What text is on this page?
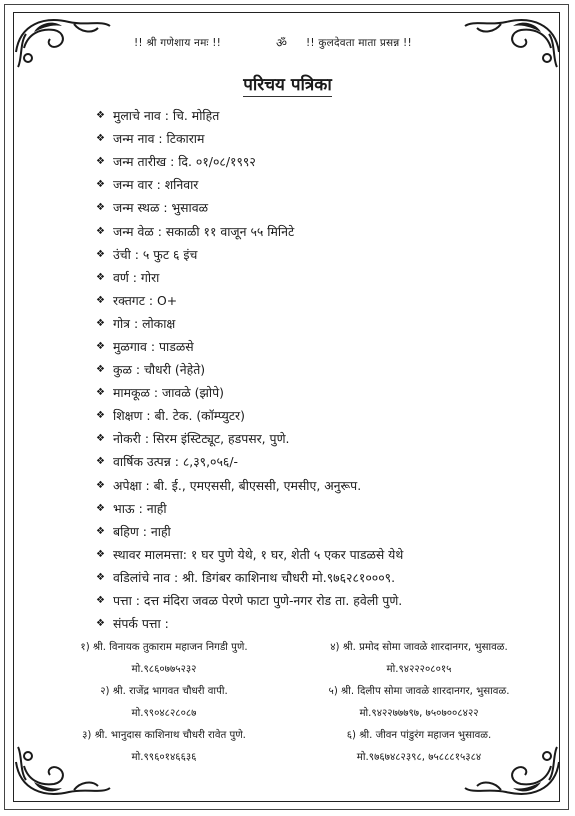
!! श्री गणेशाय नमः !!	ॐ !! कुलदेवता माता प्रसन्न !!
परिचय पत्रिका
❖ मुलाचे नाव : चि. मोहित
❖ जन्म नाव : टिकाराम
❖ जन्म तारीख : दि. ०१/०८/१९९२
❖ जन्म वार : शनिवार
❖ जन्म स्थळ : भुसावळ
❖ जन्म वेळ : सकाळी ११ वाजून ५५ मिनिटे
❖ उंची : ५ फुट ६ इंच
❖ वर्ण : गोरा
❖ रक्तगट : O+
❖ गोत्र : लोकाक्ष
❖ मुळगाव : पाडळसे
❖ कुळ : चौधरी (नेहेते)
❖ मामकूळ : जावळे (झोपे)
❖ शिक्षण : बी. टेक. (कॉम्प्युटर)
❖ नोकरी : सिरम इंस्टिट्यूट, हडपसर, पुणे.
❖ वार्षिक उत्पन्न : ८,३९,०५६/-
❖ अपेक्षा : बी. ई., एमएससी, बीएससी, एमसीए, अनुरूप.
❖ भाऊ : नाही
❖ बहिण : नाही
❖ स्थावर मालमत्ता: १ घर पुणे येथे, १ घर, शेती ५ एकर पाडळसे येथे
❖ वडिलांचे नाव : श्री. डिगंबर काशिनाथ चौधरी मो.९७६२८१०००९.
❖ पत्ता : दत्त मंदिरा जवळ पेरणे फाटा पुणे-नगर रोड ता. हवेली पुणे.
❖ संपर्क पत्ता :
१) श्री. विनायक तुकाराम महाजन निगडी पुणे.	४) श्री. प्रमोद सोमा जावळे शारदानगर, भुसावळ.
मो.९८६०७७५२३२	मो.९४२२२०८०१५
२) श्री. राजेंद्र भागवत चौधरी वापी.	५) श्री. दिलीप सोमा जावळे शारदानगर, भुसावळ.
मो.९९०४८२८०८७	मो.९४२२७७७९७, ७५०७००८४२२
३) श्री. भानुदास काशिनाथ चौधरी रावेत पुणे.	६) श्री. जीवन पांडुरंग महाजन भुसावळ.
मो.९९६०१४६६३६	मो.९७६७४८२३९८, ७५८८८१५३८४
